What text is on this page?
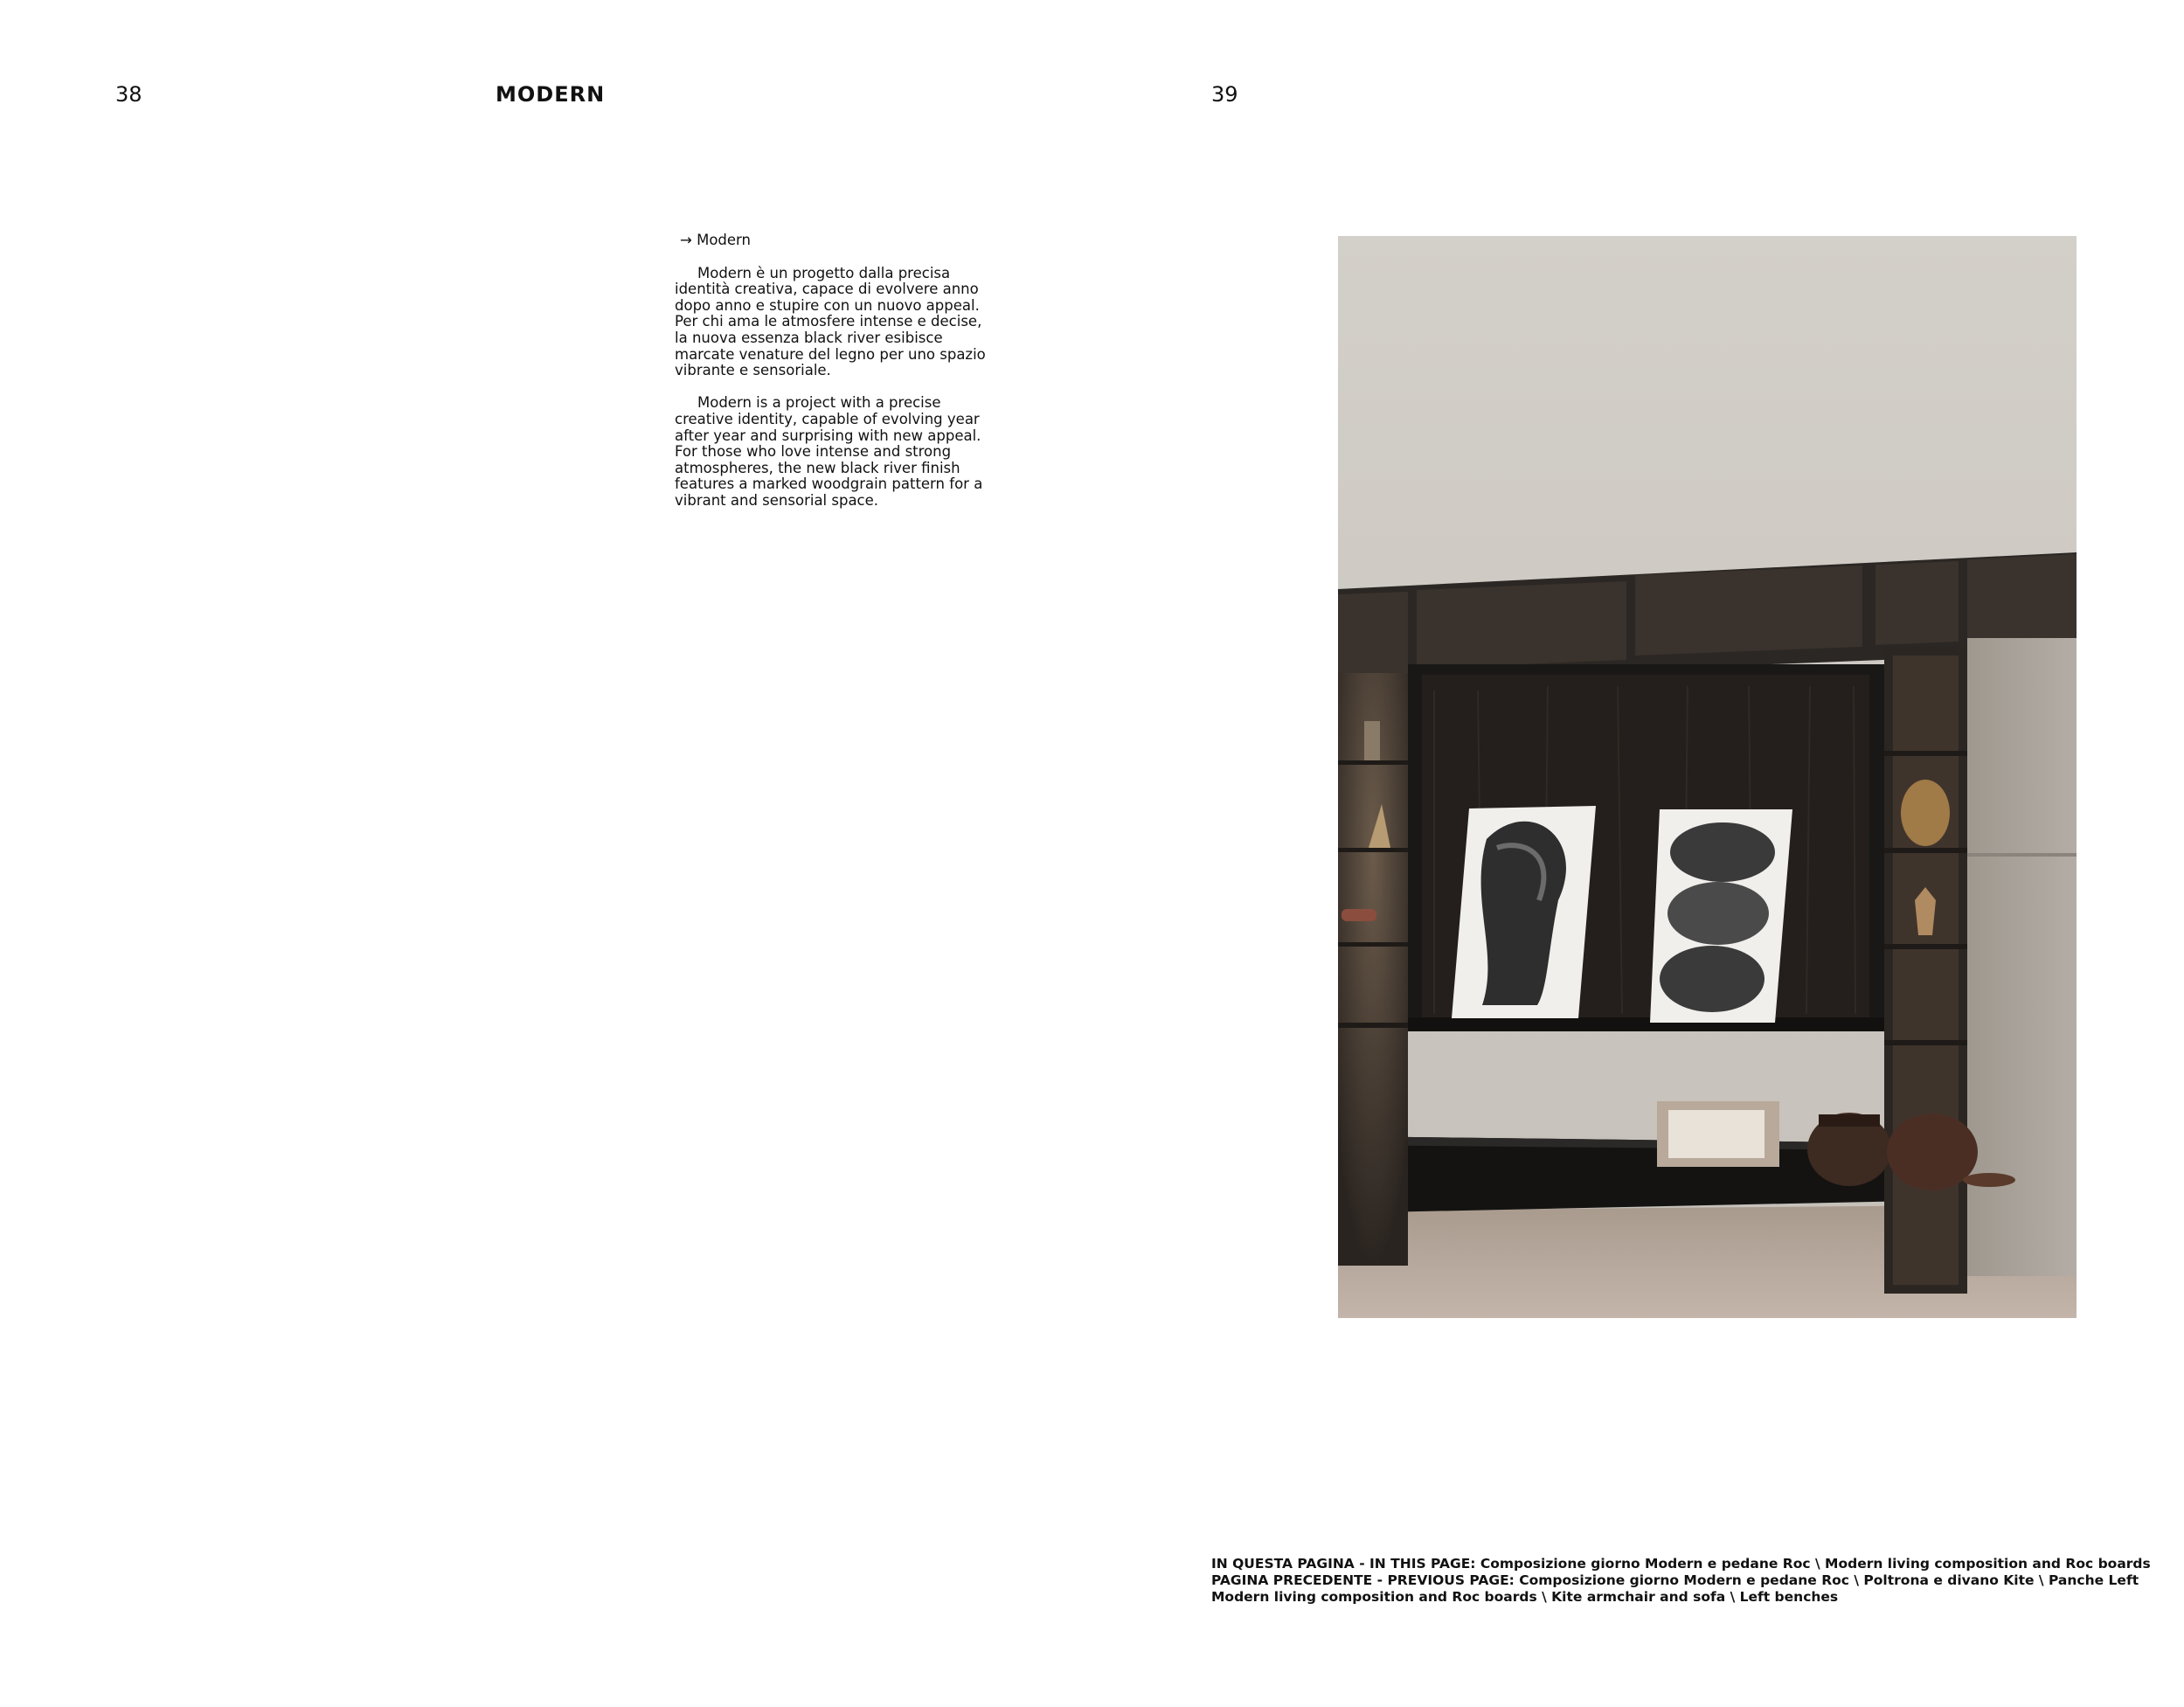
38	MODERN	39

→ Modern

Modern è un progetto dalla precisa identità creativa, capace di evolvere anno dopo anno e stupire con un nuovo appeal. Per chi ama le atmosfere intense e decise, la nuova essenza black river esibisce marcate venature del legno per uno spazio vibrante e sensoriale.

Modern is a project with a precise creative identity, capable of evolving year after year and surprising with new appeal. For those who love intense and strong atmospheres, the new black river finish features a marked woodgrain pattern for a vibrant and sensorial space.

IN QUESTA PAGINA - IN THIS PAGE: Composizione giorno Modern e pedane Roc \ Modern living composition and Roc boards

PAGINA PRECEDENTE - PREVIOUS PAGE: Composizione giorno Modern e pedane Roc \ Poltrona e divano Kite \ Panche Left

Modern living composition and Roc boards \ Kite armchair and sofa \ Left benches
